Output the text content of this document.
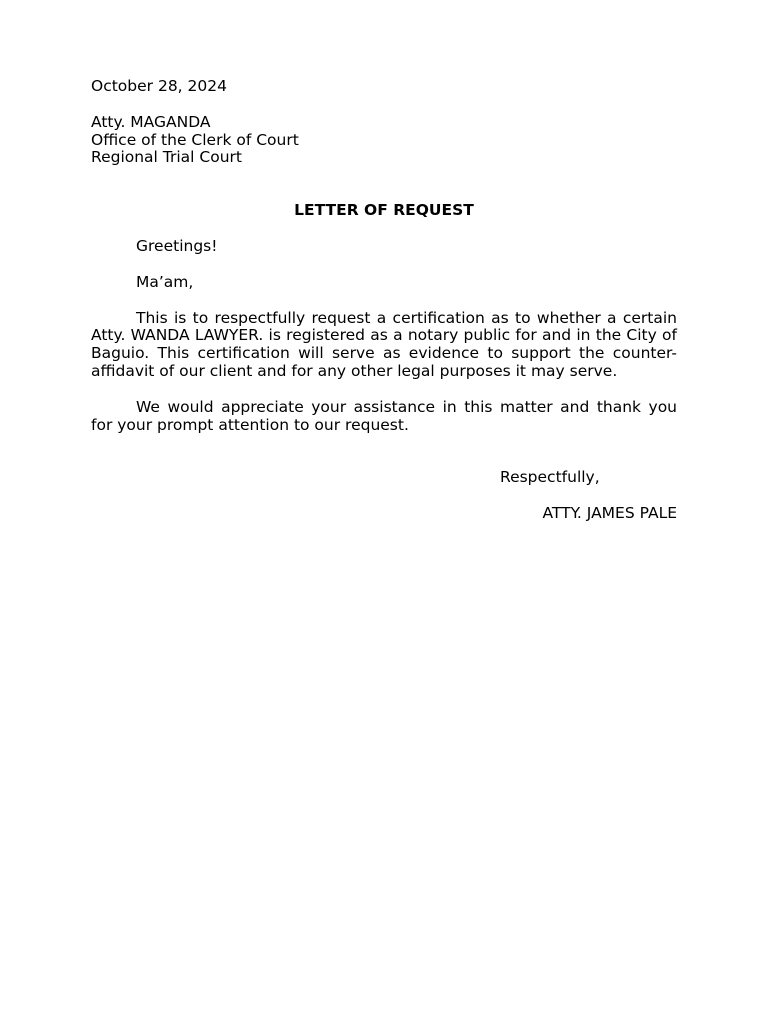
October 28, 2024

Atty. MAGANDA
Office of the Clerk of Court
Regional Trial Court

LETTER OF REQUEST

Greetings!

Ma’am,

This is to respectfully request a certification as to whether a certain Atty. WANDA LAWYER. is registered as a notary public for and in the City of Baguio. This certification will serve as evidence to support the counter-affidavit of our client and for any other legal purposes it may serve.

We would appreciate your assistance in this matter and thank you for your prompt attention to our request.

Respectfully,
ATTY. JAMES PALE
